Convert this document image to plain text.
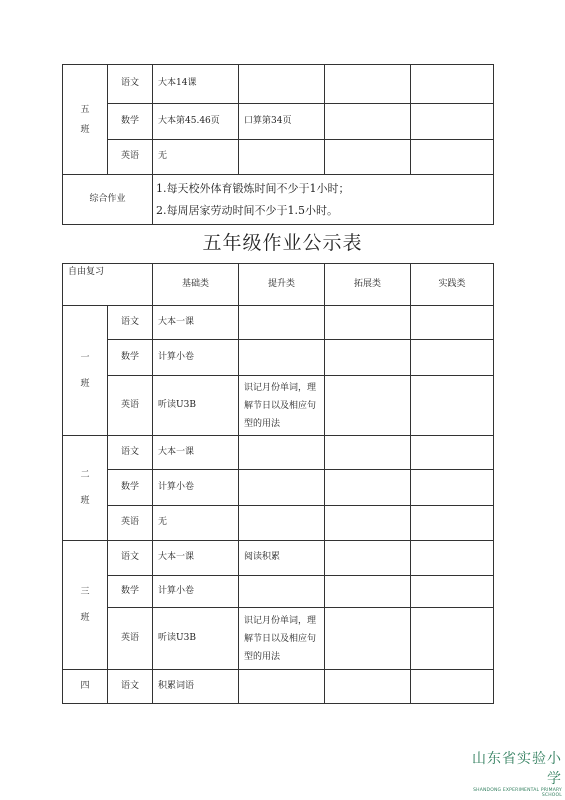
五
班	语文	大本14课			
	数学	大本第45.46页	口算第34页		
	英语	无			
综合作业		1.每天校外体育锻炼时间不少于1小时；
2.每周居家劳动时间不少于1.5小时。			
五年级作业公示表
自由复习		基础类	提升类	拓展类	实践类
一
班	语文	大本一课			
	数学	计算小卷			
	英语	听读U3B	识记月份单词，理解节日以及相应句型的用法		
二
班	语文	大本一课			
	数学	计算小卷			
	英语	无			
三
班	语文	大本一课	阅读积累		
	数学	计算小卷			
	英语	听读U3B	识记月份单词，理解节日以及相应句型的用法		
四	语文	积累词语			
山东省实验小学
SHANDONG EXPERIMENTAL PRIMARY SCHOOL
